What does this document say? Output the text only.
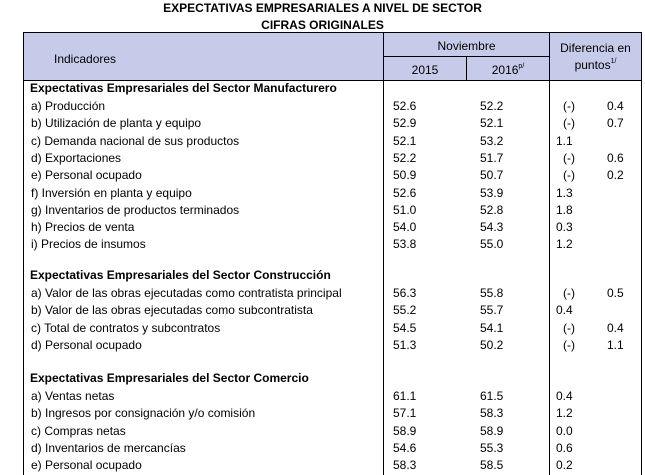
EXPECTATIVAS EMPRESARIALES A NIVEL DE SECTOR
CIFRAS ORIGINALES
Indicadores
Noviembre
2015	$2016^{p/}$
Diferencia en
puntos$^{1/}$
Expectativas Empresariales del Sector Manufacturero
a) Producción	52.6	52.2	(-)	0.4
b) Utilización de planta y equipo	52.9	52.1	(-)	0.7
c) Demanda nacional de sus productos	52.1	53.2	1.1
d) Exportaciones	52.2	51.7	(-)	0.6
e) Personal ocupado	50.9	50.7	(-)	0.2
f) Inversión en planta y equipo	52.6	53.9	1.3
g) Inventarios de productos terminados	51.0	52.8	1.8
h) Precios de venta	54.0	54.3	0.3
i) Precios de insumos	53.8	55.0	1.2
Expectativas Empresariales del Sector Construcción
a) Valor de las obras ejecutadas como contratista principal	56.3	55.8	(-)	0.5
b) Valor de las obras ejecutadas como subcontratista	55.2	55.7	0.4
c) Total de contratos y subcontratos	54.5	54.1	(-)	0.4
d) Personal ocupado	51.3	50.2	(-)	1.1
Expectativas Empresariales del Sector Comercio
a) Ventas netas	61.1	61.5	0.4
b) Ingresos por consignación y/o comisión	57.1	58.3	1.2
c) Compras netas	58.9	58.9	0.0
d) Inventarios de mercancías	54.6	55.3	0.6
e) Personal ocupado	58.3	58.5	0.2
